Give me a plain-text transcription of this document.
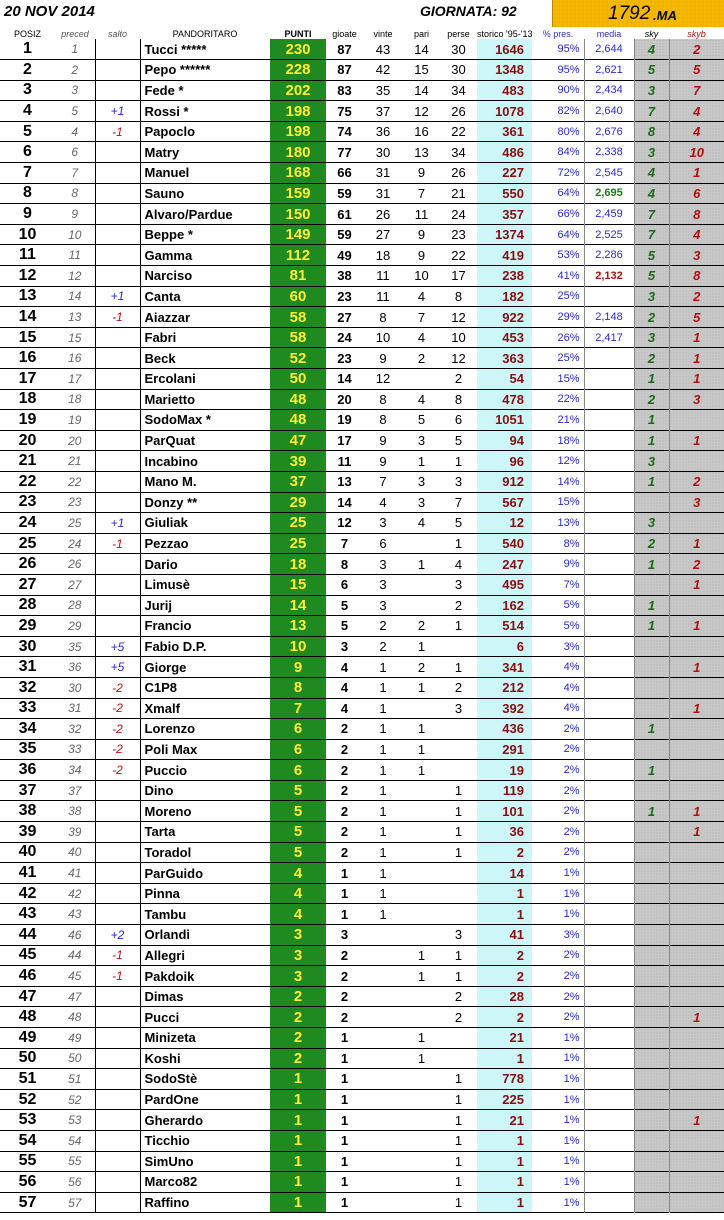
20 NOV 2014	GIORNATA: 92	1792 .MA
POSIZ	preced	salto	PANDORITARO	PUNTI	gioate	vinte	pari	perse	storico '95-'13	% pres.	media	sky	skyb
1	1		Tucci *****	230	87	43	14	30	1646	95%	2,644	4	2
2	2		Pepo ******	228	87	42	15	30	1348	95%	2,621	5	5
3	3		Fede *	202	83	35	14	34	483	90%	2,434	3	7
4	5	+1	Rossi *	198	75	37	12	26	1078	82%	2,640	7	4
5	4	-1	Papoclo	198	74	36	16	22	361	80%	2,676	8	4
6	6		Matry	180	77	30	13	34	486	84%	2,338	3	10
7	7		Manuel	168	66	31	9	26	227	72%	2,545	4	1
8	8		Sauno	159	59	31	7	21	550	64%	2,695	4	6
9	9		Alvaro/Pardue	150	61	26	11	24	357	66%	2,459	7	8
10	10		Beppe *	149	59	27	9	23	1374	64%	2,525	7	4
11	11		Gamma	112	49	18	9	22	419	53%	2,286	5	3
12	12		Narciso	81	38	11	10	17	238	41%	2,132	5	8
13	14	+1	Canta	60	23	11	4	8	182	25%		3	2
14	13	-1	Aiazzar	58	27	8	7	12	922	29%	2,148	2	5
15	15		Fabri	58	24	10	4	10	453	26%	2,417	3	1
16	16		Beck	52	23	9	2	12	363	25%		2	1
17	17		Ercolani	50	14	12		2	54	15%		1	1
18	18		Marietto	48	20	8	4	8	478	22%		2	3
19	19		SodoMax *	48	19	8	5	6	1051	21%		1	
20	20		ParQuat	47	17	9	3	5	94	18%		1	1
21	21		Incabino	39	11	9	1	1	96	12%		3	
22	22		Mano M.	37	13	7	3	3	912	14%		1	2
23	23		Donzy **	29	14	4	3	7	567	15%			3
24	25	+1	Giuliak	25	12	3	4	5	12	13%		3	
25	24	-1	Pezzao	25	7	6		1	540	8%		2	1
26	26		Dario	18	8	3	1	4	247	9%		1	2
27	27		Limusè	15	6	3		3	495	7%			1
28	28		Jurij	14	5	3		2	162	5%		1	
29	29		Francio	13	5	2	2	1	514	5%		1	1
30	35	+5	Fabio D.P.	10	3	2	1		6	3%			
31	36	+5	Giorge	9	4	1	2	1	341	4%			1
32	30	-2	C1P8	8	4	1	1	2	212	4%			
33	31	-2	Xmalf	7	4	1		3	392	4%			1
34	32	-2	Lorenzo	6	2	1	1		436	2%		1	
35	33	-2	Poli Max	6	2	1	1		291	2%			
36	34	-2	Puccio	6	2	1	1		19	2%		1	
37	37		Dino	5	2	1		1	119	2%			
38	38		Moreno	5	2	1		1	101	2%		1	1
39	39		Tarta	5	2	1		1	36	2%			1
40	40		Toradol	5	2	1		1	2	2%			
41	41		ParGuido	4	1	1			14	1%			
42	42		Pinna	4	1	1			1	1%			
43	43		Tambu	4	1	1			1	1%			
44	46	+2	Orlandi	3	3			3	41	3%			
45	44	-1	Allegri	3	2		1	1	2	2%			
46	45	-1	Pakdoik	3	2		1	1	2	2%			
47	47		Dimas	2	2			2	28	2%			
48	48		Pucci	2	2			2	2	2%			1
49	49		Minizeta	2	1		1		21	1%			
50	50		Koshi	2	1		1		1	1%			
51	51		SodoStè	1	1			1	778	1%			
52	52		PardOne	1	1			1	225	1%			
53	53		Gherardo	1	1			1	21	1%			1
54	54		Ticchio	1	1			1	1	1%			
55	55		SimUno	1	1			1	1	1%			
56	56		Marco82	1	1			1	1	1%			
57	57		Raffino	1	1			1	1	1%			
